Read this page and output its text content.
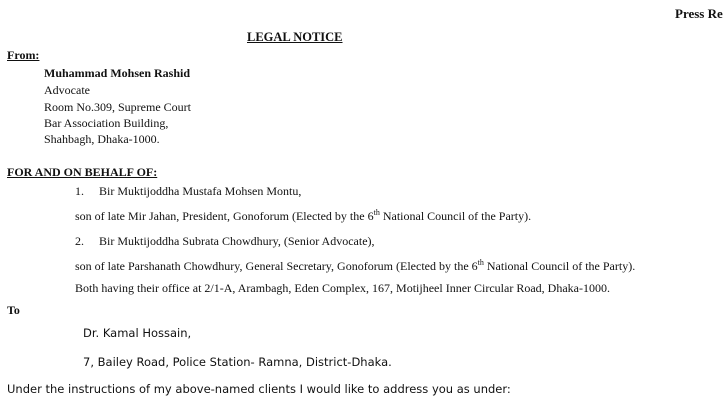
Press Re
LEGAL NOTICE
From:
Muhammad Mohsen Rashid
Advocate
Room No.309, Supreme Court
Bar Association Building,
Shahbagh, Dhaka-1000.
FOR AND ON BEHALF OF:
1. Bir Muktijoddha Mustafa Mohsen Montu,
son of late Mir Jahan, President, Gonoforum (Elected by the 6th National Council of the Party).
2. Bir Muktijoddha Subrata Chowdhury, (Senior Advocate),
son of late Parshanath Chowdhury, General Secretary, Gonoforum (Elected by the 6th National Council of the Party).
Both having their office at 2/1-A, Arambagh, Eden Complex, 167, Motijheel Inner Circular Road, Dhaka-1000.
To
Dr. Kamal Hossain,
7, Bailey Road, Police Station- Ramna, District-Dhaka.
Under the instructions of my above-named clients I would like to address you as under:
